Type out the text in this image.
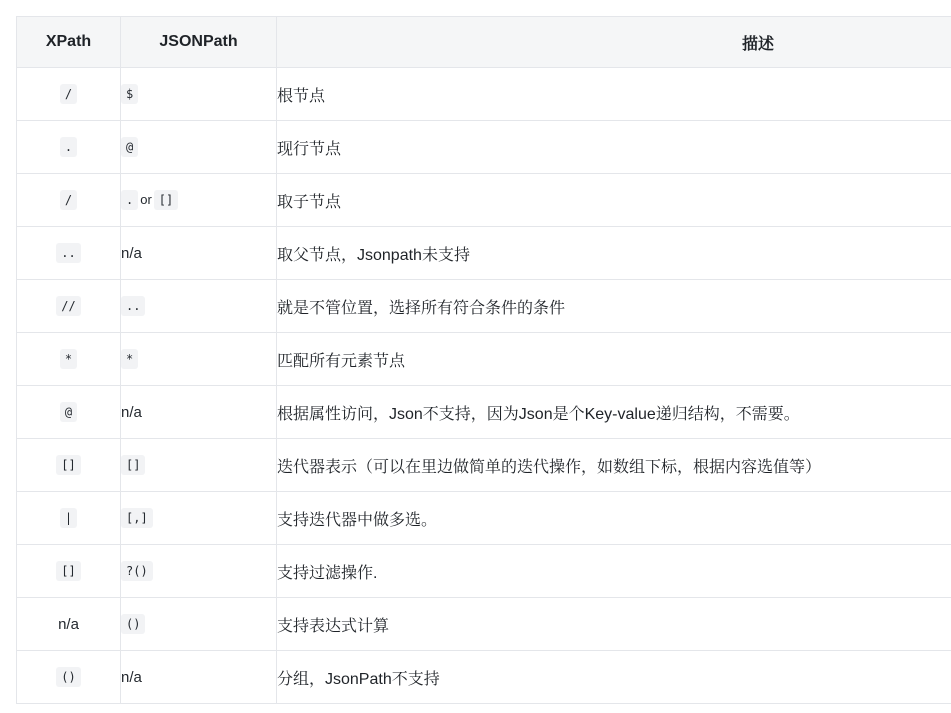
XPath	JSONPath	描述
/	$	根节点
.	@	现行节点
/	. or []	取子节点
..	n/a	取父节点，Jsonpath未支持
//	..	就是不管位置，选择所有符合条件的条件
*	*	匹配所有元素节点
@	n/a	根据属性访问，Json不支持，因为Json是个Key-value递归结构，不需要。
[]	[]	迭代器表示（可以在里边做简单的迭代操作，如数组下标，根据内容选值等）
|	[,]	支持迭代器中做多选。
[]	?()	支持过滤操作.
n/a	()	支持表达式计算
()	n/a	分组，JsonPath不支持
